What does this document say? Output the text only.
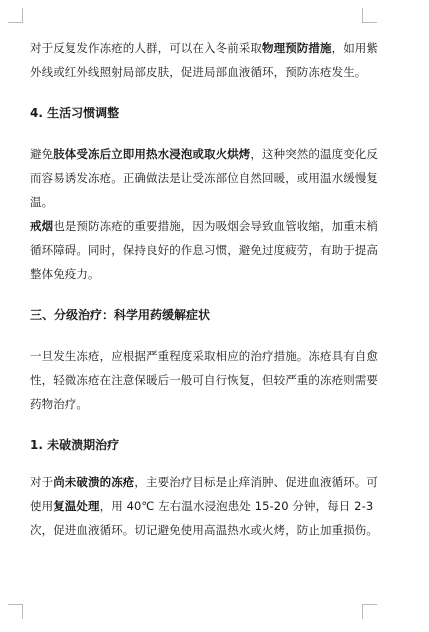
对于反复发作冻疮的人群，可以在入冬前采取物理预防措施，如用紫外线或红外线照射局部皮肤，促进局部血液循环，预防冻疮发生。

4. 生活习惯调整

避免肢体受冻后立即用热水浸泡或取火烘烤，这种突然的温度变化反而容易诱发冻疮。正确做法是让受冻部位自然回暖，或用温水缓慢复温。

戒烟也是预防冻疮的重要措施，因为吸烟会导致血管收缩，加重末梢循环障碍。同时，保持良好的作息习惯，避免过度疲劳，有助于提高整体免疫力。

三、分级治疗：科学用药缓解症状

一旦发生冻疮，应根据严重程度采取相应的治疗措施。冻疮具有自愈性，轻微冻疮在注意保暖后一般可自行恢复，但较严重的冻疮则需要药物治疗。

1. 未破溃期治疗

对于尚未破溃的冻疮，主要治疗目标是止痒消肿、促进血液循环。可使用复温处理，用 40℃ 左右温水浸泡患处 15-20 分钟，每日 2-3 次，促进血液循环。切记避免使用高温热水或火烤，防止加重损伤。
